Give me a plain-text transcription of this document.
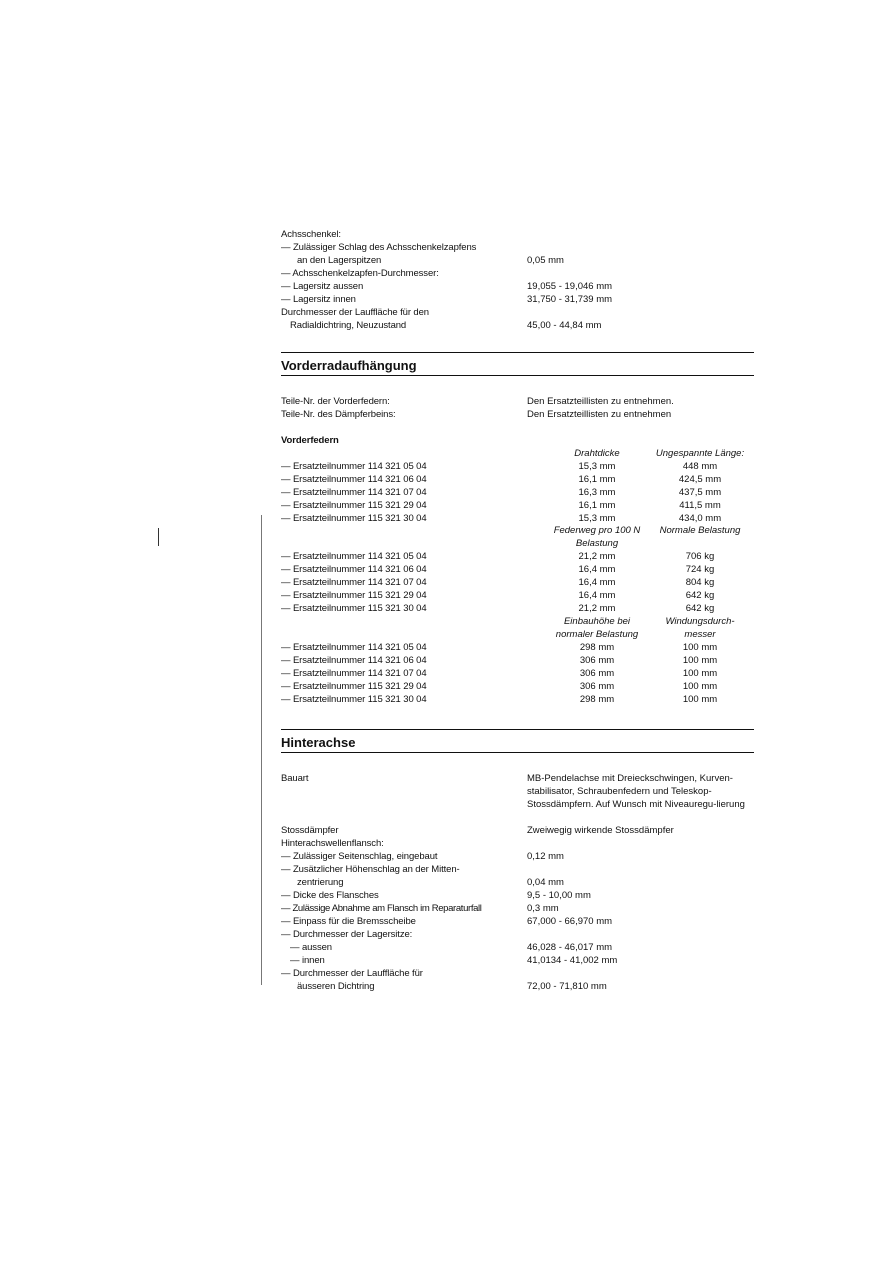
Achsschenkel:
— Zulässiger Schlag des Achsschenkelzapfens
an den Lagerspitzen	0,05 mm
— Achsschenkelzapfen-Durchmesser:
— Lagersitz aussen	19,055 - 19,046 mm
— Lagersitz innen	31,750 - 31,739 mm
Durchmesser der Lauffläche für den
Radialdichtring, Neuzustand	45,00 - 44,84 mm
Vorderradaufhängung
Teile-Nr. der Vorderfedern:	Den Ersatzteillisten zu entnehmen.
Teile-Nr. des Dämpferbeins:	Den Ersatzteillisten zu entnehmen
Vorderfedern
Drahtdicke	Ungespannte Länge:
— Ersatzteilnummer 114 321 05 04	15,3 mm	448 mm
— Ersatzteilnummer 114 321 06 04	16,1 mm	424,5 mm
— Ersatzteilnummer 114 321 07 04	16,3 mm	437,5 mm
— Ersatzteilnummer 115 321 29 04	16,1 mm	411,5 mm
— Ersatzteilnummer 115 321 30 04	15,3 mm	434,0 mm
Federweg pro 100 N	Normale Belastung
Belastung
— Ersatzteilnummer 114 321 05 04	21,2 mm	706 kg
— Ersatzteilnummer 114 321 06 04	16,4 mm	724 kg
— Ersatzteilnummer 114 321 07 04	16,4 mm	804 kg
— Ersatzteilnummer 115 321 29 04	16,4 mm	642 kg
— Ersatzteilnummer 115 321 30 04	21,2 mm	642 kg
Einbauhöhe bei	Windungsdurch-
normaler Belastung	messer
— Ersatzteilnummer 114 321 05 04	298 mm	100 mm
— Ersatzteilnummer 114 321 06 04	306 mm	100 mm
— Ersatzteilnummer 114 321 07 04	306 mm	100 mm
— Ersatzteilnummer 115 321 29 04	306 mm	100 mm
— Ersatzteilnummer 115 321 30 04	298 mm	100 mm
Hinterachse
Bauart	MB-Pendelachse mit Dreieckschwingen, Kurven-stabilisator, Schraubenfedern und Teleskop-Stossdämpfern. Auf Wunsch mit Niveauregu-lierung
Stossdämpfer	Zweiwegig wirkende Stossdämpfer
Hinterachswellenflansch:
— Zulässiger Seitenschlag, eingebaut	0,12 mm
— Zusätzlicher Höhenschlag an der Mitten-
zentrierung	0,04 mm
— Dicke des Flansches	9,5 - 10,00 mm
— Zulässige Abnahme am Flansch im Reparaturfall	0,3 mm
— Einpass für die Bremsscheibe	67,000 - 66,970 mm
— Durchmesser der Lagersitze:
— aussen	46,028 - 46,017 mm
— innen	41,0134 - 41,002 mm
— Durchmesser der Lauffläche für
äusseren Dichtring	72,00 - 71,810 mm
